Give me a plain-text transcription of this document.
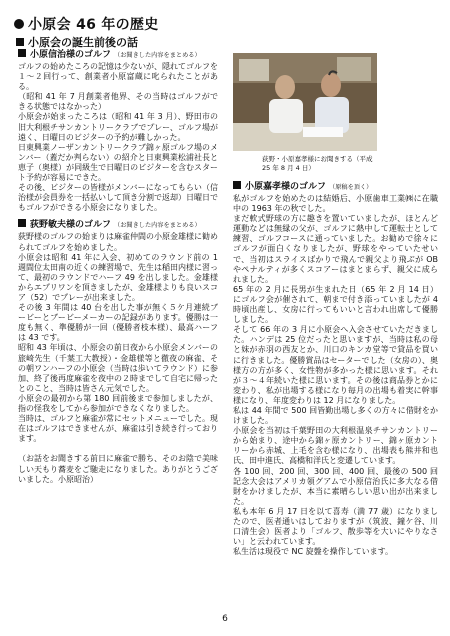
小原会 46 年の歴史
小原会の誕生前後の話
小原信治様のゴルフ （お聞きした内容をまとめる）

ゴルフの始めたころの記憶は少ないが、隠れてゴルフを１～２回行って、創業者小原富蔵に叱られたことがある。

（昭和 41 年 7 月創業者他界、その当時はゴルフができる状態ではなかった）

小原会が始まったころは（昭和 41 年 3 月）、野田市の旧大利根チサンカントリークラブでプレー、ゴルフ場が遠く、日曜日のビジターの予約が難しかった。

日東興業ノーザンカントリークラブ錦ヶ原ゴルフ場のメンバー（蓋だか判らない）の紹介と日東興業松浦社長と恵子（奥様）が同級生で日曜日のビジターを含むスタート予約が容易にできた。

その後、ビジターの皆様がメンバーになってもらい（信治様が会員券を一括払いして頂き分割で返却）日曜日でもゴルフができる小原会になりました。

荻野敏夫様のゴルフ （お聞きした内容をまとめる）

荻野様のゴルフの始まりは麻雀仲間の小原金雄様に勧められてゴルフを始めました。

小原会は昭和 41 年に入会、初めてのラウンド前の 1 週間位太田南の近くの練習場で、先生は稲田内様に習って、最初のラウンドでハーフ 49 を出しました。金雄様からエプリワンを頂きましたが、金雄様よりも良いスコア（52）でプレーが出来ました。

その後 3 年間は 40 台を出した事が無く５ケ月連続ブービーとブービーメーカーの記録があります。優勝は一度も無く、準優勝が一回（優勝者枝本様）、最高ハーフは 43 です。

昭和 43 年頃は、小原会の前日夜から小原会メンバーの旅崎先生（千葉工大教授）・金雄様等と徹夜の麻雀、その朝ワンハーフの小原会（当時は歩いてラウンド）に参加、終了後再度麻雀を夜中の２時までして自宅に帰ったとのこと、当時は皆さん元気でした。

小原会の最初から第 180 回前後まで参加しましたが、指の怪我をしてから参加ができなくなりました。

当時は、ゴルフと麻雀が常にセットメニューでした。現在はゴルフはできませんが、麻雀は引き続き行っております。

（お話をお聞きする前日に麻雀で勝ち、そのお陰で美味しい天もり蕎麦をご馳走になりました。ありがとうございました。小原昭治）

荻野・小原嘉孝様にお聞きする（平成
25 年 8 月 4 日）
小原嘉孝様のゴルフ （原稿を頂く）

私がゴルフを始めたのは結婚后、小原歯車工業㈱に在職中の 1963 年の秋でした。

まだ軟式野球の方に趣きを置いていましたが、ほとんど運動などは無縁の父が、ゴルフに熱中して運転士として練習、ゴルフコースに通っていました。お勧めで徐々にゴルフが面白くなりましたが、野球をやっていたせいで、当初はスライスばかりで飛んで親父より飛ぶが OB やペナルティが多くスコアーはまとまらず、親父に成られました。

65 年の 2 月に長男が生まれた日（65 年 2 月 14 日）にゴルフ会が催されて、朝まで付き添っていましたが 4 時頃出産し、女房に行ってもいいと言われ出席して優勝しました。

そして 66 年の 3 月に小原会へ入会させていただきました。ハンデは 25 位だったと思いますが、当時は私の母と妹が赤羽の西友とか、川口のキンカ堂等で貸品を買いに行きました。優勝賞品はセーターでした（女房の）、奥様方の方が多く、女性物が多かった様に思います。それが３～４年続いた様に思います。その後は商品券とかに変わり、私が出場する様になり毎月の出場も着実に幹事様になり、年度変わりは 12 月になりました。

私は 44 年間で 500 回皆勤出場し多くの方々に借財をかけました。

小原会を当初は千葉野田の大利根温泉チサンカントリーから始まり、途中から錦ヶ原カントリー、錦ヶ原カントリーから赤城、上毛を含む様になり、出場表も熊井和也氏、田中進氏、高橋和洋氏と変遷しています。

各 100 回、200 回、300 回、400 回、最後の 500 回記念大会はアメリカ領グアムで小原信治氏に多大なる借財をかけましたが、本当に素晴らしい思い出が出来ました。

私も本年 6 月 17 日を以て喜寿（満 77 歳）になりましたので、医者通いはしておりますが（筑波、鐘ケ谷、川口清生会）医者より「ゴルフ、散歩等を大いにやりなさい」と云われています。

私生活は現役で NC 旋盤を操作しています。

6
